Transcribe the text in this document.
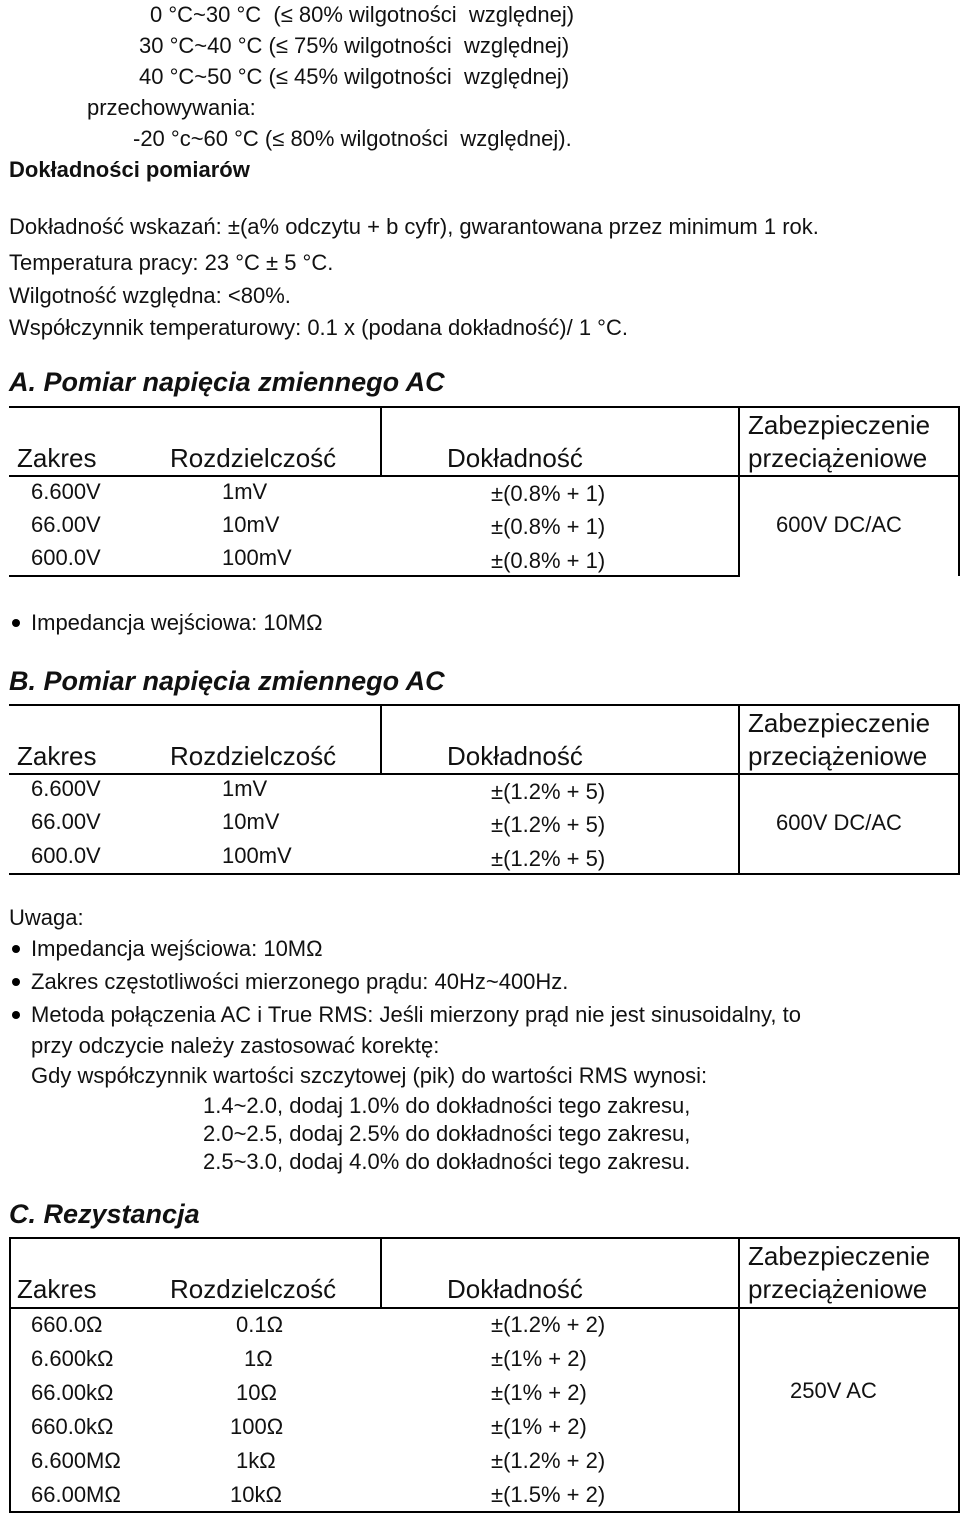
0 °C~30 °C  (≤ 80% wilgotności  względnej)
30 °C~40 °C (≤ 75% wilgotności  względnej)
40 °C~50 °C (≤ 45% wilgotności  względnej)
przechowywania:
-20 °c~60 °C (≤ 80% wilgotności  względnej).
Dokładności pomiarów
Dokładność wskazań: ±(a% odczytu + b cyfr), gwarantowana przez minimum 1 rok.
Temperatura pracy: 23 °C ± 5 °C.
Wilgotność względna: <80%.
Współczynnik temperaturowy: 0.1 x (podana dokładność)/ 1 °C.
A. Pomiar napięcia zmiennego AC
Zakres	Rozdzielczość	Dokładność
Zabezpieczenie
przeciążeniowe
6.600V	1mV	±(0.8% + 1)
66.00V	10mV	±(0.8% + 1)
600.0V	100mV	±(0.8% + 1)
600V DC/AC
Impedancja wejściowa: 10MΩ
B. Pomiar napięcia zmiennego AC
Zakres	Rozdzielczość	Dokładność
Zabezpieczenie
przeciążeniowe
6.600V	1mV	±(1.2% + 5)
66.00V	10mV	±(1.2% + 5)
600.0V	100mV	±(1.2% + 5)
600V DC/AC
Uwaga:
Impedancja wejściowa: 10MΩ
Zakres częstotliwości mierzonego prądu: 40Hz~400Hz.
Metoda połączenia AC i True RMS: Jeśli mierzony prąd nie jest sinusoidalny, to
przy odczycie należy zastosować korektę:
Gdy współczynnik wartości szczytowej (pik) do wartości RMS wynosi:
1.4~2.0, dodaj 1.0% do dokładności tego zakresu,
2.0~2.5, dodaj 2.5% do dokładności tego zakresu,
2.5~3.0, dodaj 4.0% do dokładności tego zakresu.
C. Rezystancja
Zakres	Rozdzielczość	Dokładność
Zabezpieczenie
przeciążeniowe
660.0Ω	0.1Ω	±(1.2% + 2)
6.600kΩ	1Ω	±(1% + 2)
66.00kΩ	10Ω	±(1% + 2)
660.0kΩ	100Ω	±(1% + 2)
6.600MΩ	1kΩ	±(1.2% + 2)
66.00MΩ	10kΩ	±(1.5% + 2)
250V AC
